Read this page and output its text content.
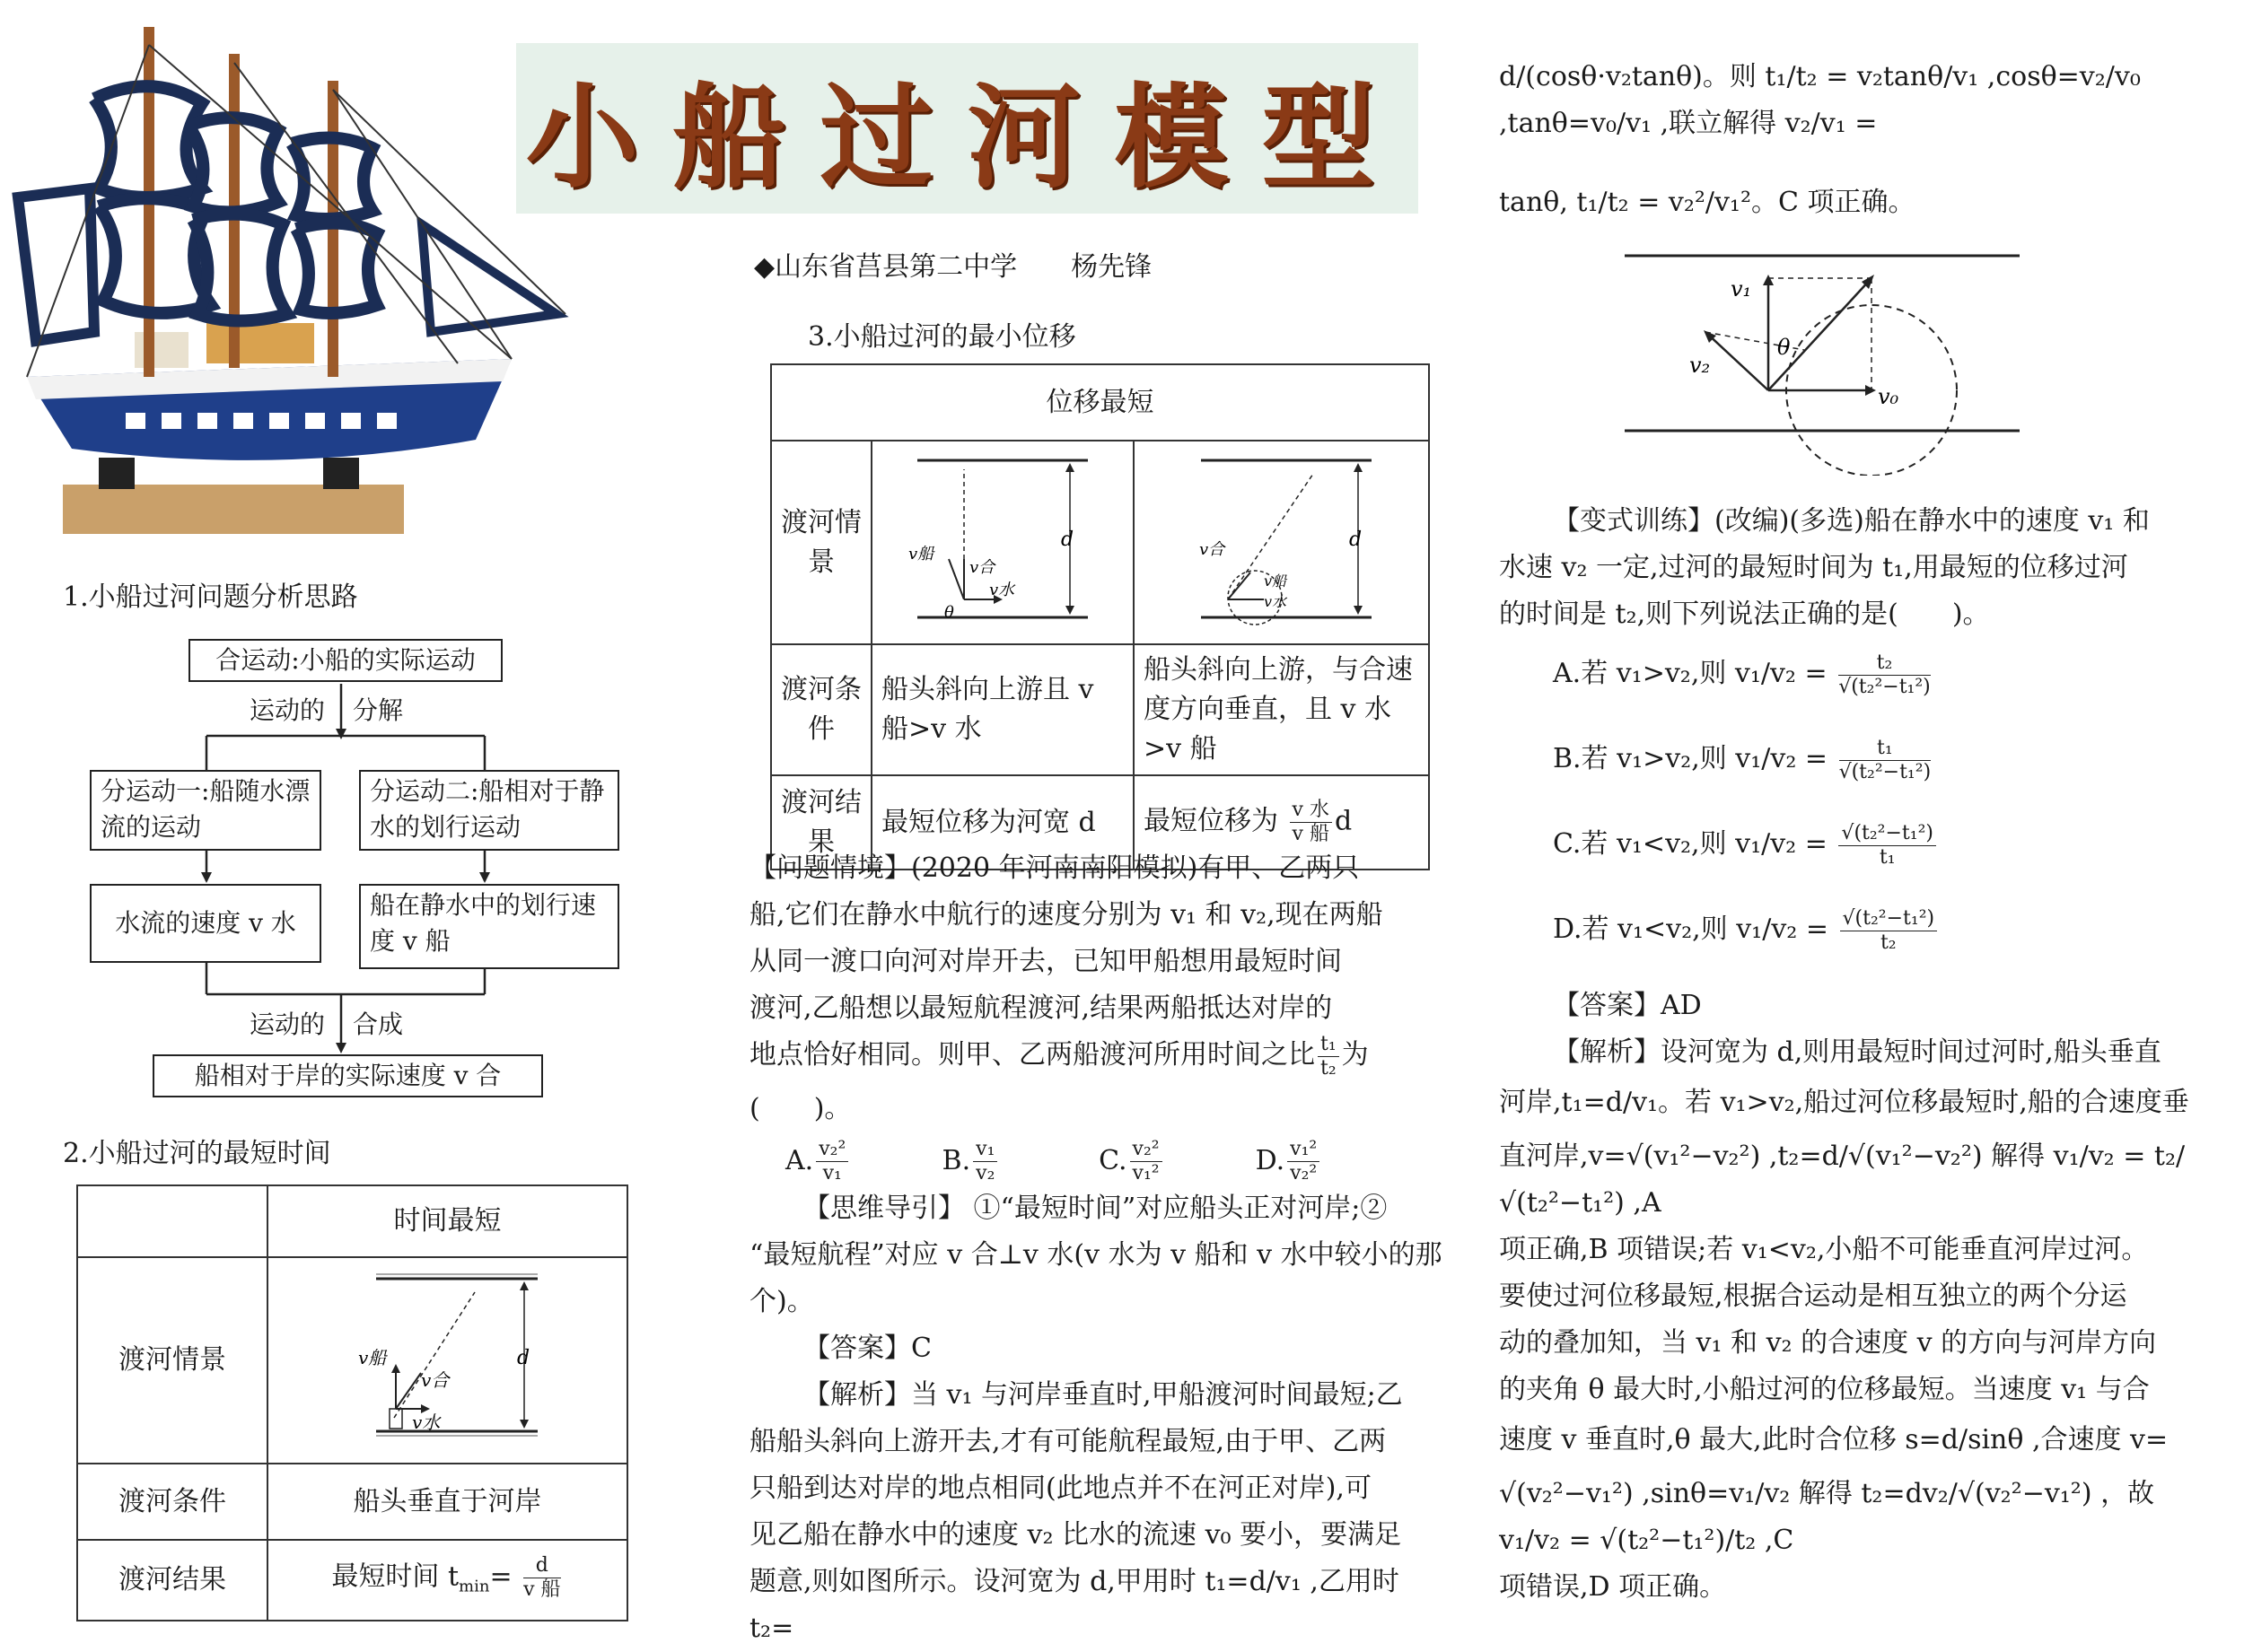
小船过河模型
◆山东省莒县第二中学　　杨先锋
1.小船过河问题分析思路
合运动:小船的实际运动
运动的 分解
分运动一:船随水漂流的运动
分运动二:船相对于静水的划行运动
水流的速度 v 水
船在静水中的划行速度 v 船
运动的 合成
船相对于岸的实际速度 v 合
2.小船过河的最短时间
	时间最短
渡河情景	d
v船
v合
v水

渡河条件	船头垂直于河岸
渡河结果	最短时间 $t_{min}= \frac{d}{\text{v 船}}$
3.小船过河的最小位移
位移最短		
渡河情景	d
θ
v船
v合
v水	d
v合
v船
v水

渡河条件	船头斜向上游且 v 船>v 水	船头斜向上游，与合速度方向垂直，且 v 水>v 船
渡河结果	最短位移为河宽 d	最短位移为 $\frac{\text{v 水}}{\text{v 船}}$ d

【问题情境】(2020 年河南南阳模拟)有甲、乙两只

船,它们在静水中航行的速度分别为 v₁ 和 v₂,现在两船

从同一渡口向河对岸开去，已知甲船想用最短时间

渡河,乙船想以最短航程渡河,结果两船抵达对岸的

地点恰好相同。则甲、乙两船渡河所用时间之比 $\frac{\text{t₁}}{\text{t₂}}$ 为

(　　)。

A. $\frac{\text{v₂²}}{\text{v₁}}$	B. $\frac{\text{v₁}}{\text{v₂}}$	C. $\frac{\text{v₂²}}{\text{v₁²}}$	D. $\frac{\text{v₁²}}{\text{v₂²}}$

【思维导引】 ①“最短时间”对应船头正对河岸;②

“最短航程”对应 v 合⊥v 水(v 水为 v 船和 v 水中较小的那个)。

【答案】C

【解析】当 v₁ 与河岸垂直时,甲船渡河时间最短;乙

船船头斜向上游开去,才有可能航程最短,由于甲、乙两

只船到达对岸的地点相同(此地点并不在河正对岸),可

见乙船在静水中的速度 v₂ 比水的流速 v₀ 要小，要满足

题意,则如图所示。设河宽为 d,甲用时 t₁=d/v₁ ,乙用时 t₂=

d/(cosθ·v₂tanθ)。则 t₁/t₂ = v₂tanθ/v₁ ,cosθ=v₂/v₀ ,tanθ=v₀/v₁ ,联立解得 v₂/v₁ =

tanθ, t₁/t₂ = v₂²/v₁²。C 项正确。

v₁
v₂
θ
v₀

【变式训练】(改编)(多选)船在静水中的速度 v₁ 和

水速 v₂ 一定,过河的最短时间为 t₁,用最短的位移过河

的时间是 t₂,则下列说法正确的是(　　)。

A.若 v₁>v₂,则 $v_1/v_2 = \frac{\text{t₂}}{\text{√(t₂²−t₁²)}}$

B.若 v₁>v₂,则 $v_1/v_2 = \frac{\text{t₁}}{\text{√(t₂²−t₁²)}}$

C.若 v₁<v₂,则 $v_1/v_2 = \frac{\text{√(t₂²−t₁²)}}{\text{t₁}}$

D.若 v₁<v₂,则 $v_1/v_2 = \frac{\text{√(t₂²−t₁²)}}{\text{t₂}}$

【答案】AD

【解析】设河宽为 d,则用最短时间过河时,船头垂直

河岸,t₁=d/v₁。若 v₁>v₂,船过河位移最短时,船的合速度垂

直河岸,v=√(v₁²−v₂²) ,t₂=d/√(v₁²−v₂²) 解得 v₁/v₂ = t₂/√(t₂²−t₁²) ,A

项正确,B 项错误;若 v₁<v₂,小船不可能垂直河岸过河。

要使过河位移最短,根据合运动是相互独立的两个分运

动的叠加知，当 v₁ 和 v₂ 的合速度 v 的方向与河岸方向

的夹角 θ 最大时,小船过河的位移最短。当速度 v₁ 与合

速度 v 垂直时,θ 最大,此时合位移 s=d/sinθ ,合速度 v=

√(v₂²−v₁²) ,sinθ=v₁/v₂ 解得 t₂=dv₂/√(v₂²−v₁²) ，故 v₁/v₂ = √(t₂²−t₁²)/t₂ ,C

项错误,D 项正确。
